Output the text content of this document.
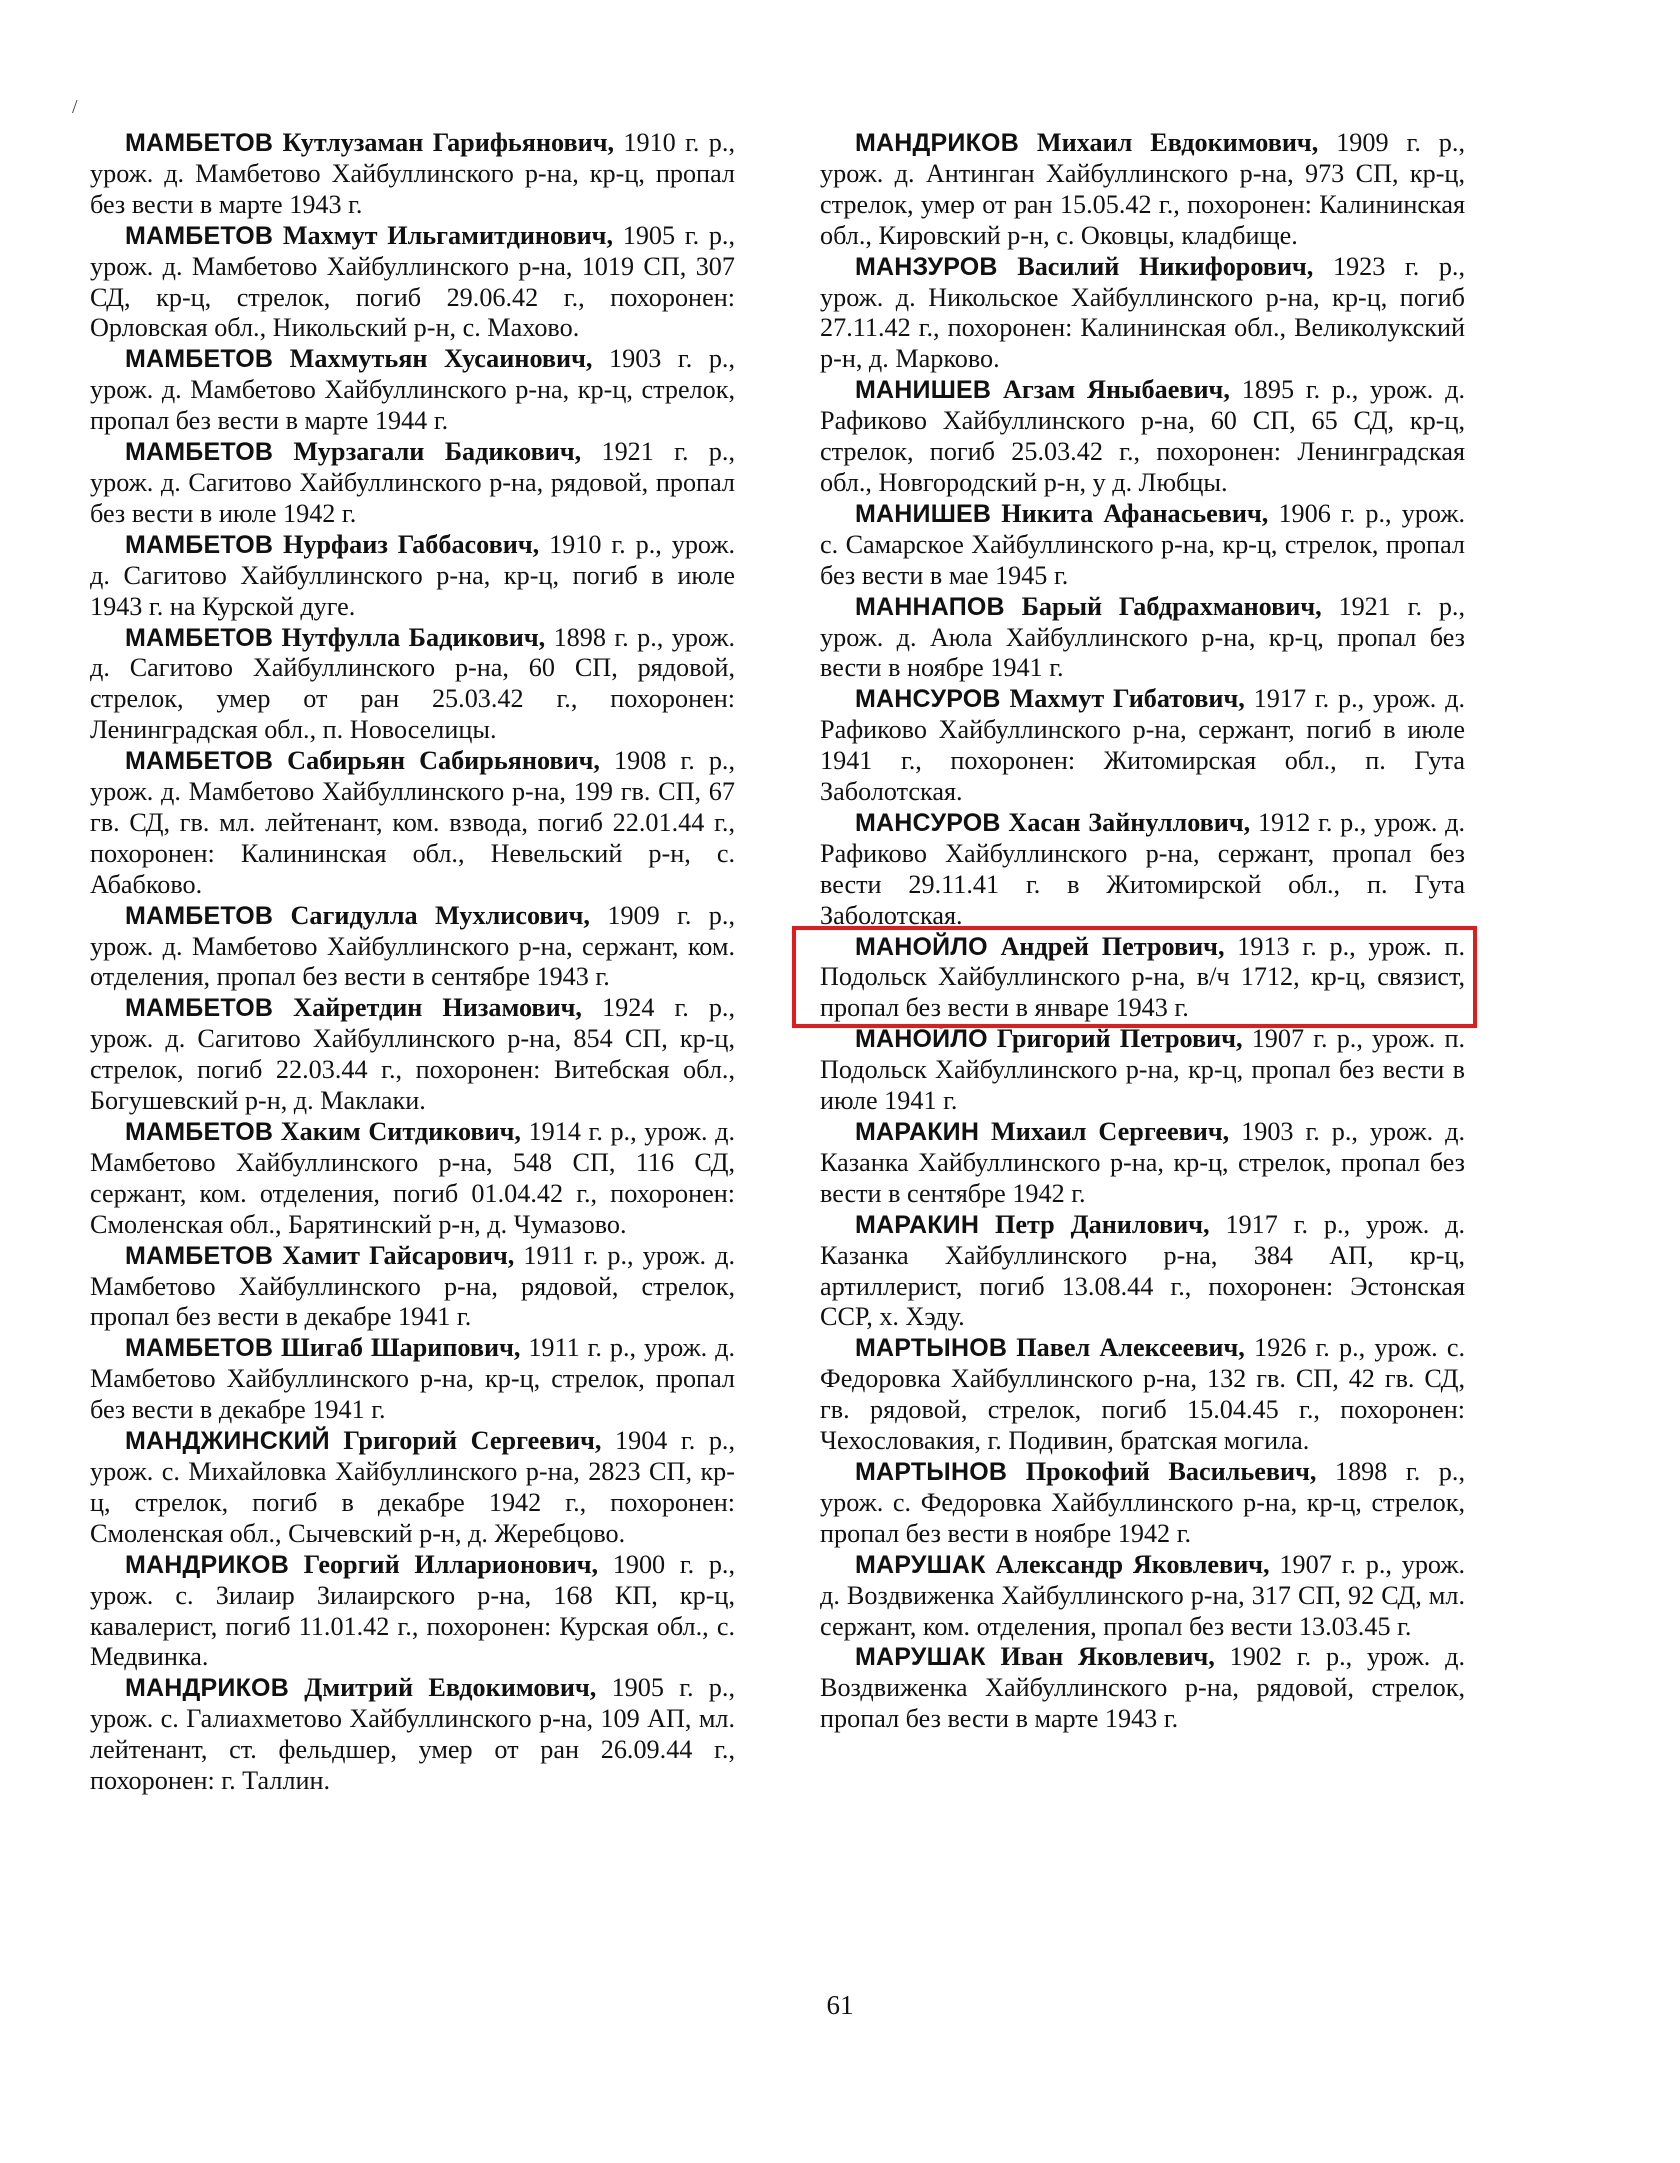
/

МАМБЕТОВ Кутлузаман Гарифьянович, 1910 г. р., урож. д. Мамбетово Хайбуллинского р-на, кр-ц, пропал без вести в марте 1943 г.

МАМБЕТОВ Махмут Ильгамитдинович, 1905 г. р., урож. д. Мамбетово Хайбуллинского р-на, 1019 СП, 307 СД, кр-ц, стрелок, погиб 29.06.42 г., похоронен: Орловская обл., Никольский р-н, с. Махово.

МАМБЕТОВ Махмутьян Хусаинович, 1903 г. р., урож. д. Мамбетово Хайбуллинского р-на, кр-ц, стрелок, пропал без вести в марте 1944 г.

МАМБЕТОВ Мурзагали Бадикович, 1921 г. р., урож. д. Сагитово Хайбуллинского р-на, рядовой, пропал без вести в июле 1942 г.

МАМБЕТОВ Нурфаиз Габбасович, 1910 г. р., урож. д. Сагитово Хайбуллинского р-на, кр-ц, погиб в июле 1943 г. на Курской дуге.

МАМБЕТОВ Нутфулла Бадикович, 1898 г. р., урож. д. Сагитово Хайбуллинского р-на, 60 СП, рядовой, стрелок, умер от ран 25.03.42 г., похоронен: Ленинградская обл., п. Новоселицы.

МАМБЕТОВ Сабирьян Сабирьянович, 1908 г. р., урож. д. Мамбетово Хайбуллинского р-на, 199 гв. СП, 67 гв. СД, гв. мл. лейтенант, ком. взвода, погиб 22.01.44 г., похоронен: Калининская обл., Невельский р-н, с. Абабково.

МАМБЕТОВ Сагидулла Мухлисович, 1909 г. р., урож. д. Мамбетово Хайбуллинского р-на, сержант, ком. отделения, пропал без вести в сентябре 1943 г.

МАМБЕТОВ Хайретдин Низамович, 1924 г. р., урож. д. Сагитово Хайбуллинского р-на, 854 СП, кр-ц, стрелок, погиб 22.03.44 г., похоронен: Витебская обл., Богушевский р-н, д. Маклаки.

МАМБЕТОВ Хаким Ситдикович, 1914 г. р., урож. д. Мамбетово Хайбуллинского р-на, 548 СП, 116 СД, сержант, ком. отделения, погиб 01.04.42 г., похоронен: Смоленская обл., Барятинский р-н, д. Чумазово.

МАМБЕТОВ Хамит Гайсарович, 1911 г. р., урож. д. Мамбетово Хайбуллинского р-на, рядовой, стрелок, пропал без вести в декабре 1941 г.

МАМБЕТОВ Шигаб Шарипович, 1911 г. р., урож. д. Мамбетово Хайбуллинского р-на, кр-ц, стрелок, пропал без вести в декабре 1941 г.

МАНДЖИНСКИЙ Григорий Сергеевич, 1904 г. р., урож. с. Михайловка Хайбуллинского р-на, 2823 СП, кр-ц, стрелок, погиб в декабре 1942 г., похоронен: Смоленская обл., Сычевский р-н, д. Жеребцово.

МАНДРИКОВ Георгий Илларионович, 1900 г. р., урож. с. Зилаир Зилаирского р-на, 168 КП, кр-ц, кавалерист, погиб 11.01.42 г., похоронен: Курская обл., с. Медвинка.

МАНДРИКОВ Дмитрий Евдокимович, 1905 г. р., урож. с. Галиахметово Хайбуллинского р-на, 109 АП, мл. лейтенант, ст. фельдшер, умер от ран 26.09.44 г., похоронен: г. Таллин.

МАНДРИКОВ Михаил Евдокимович, 1909 г. р., урож. д. Антинган Хайбуллинского р-на, 973 СП, кр-ц, стрелок, умер от ран 15.05.42 г., похоронен: Калининская обл., Кировский р-н, с. Оковцы, кладбище.

МАНЗУРОВ Василий Никифорович, 1923 г. р., урож. д. Никольское Хайбуллинского р-на, кр-ц, погиб 27.11.42 г., похоронен: Калининская обл., Великолукский р-н, д. Марково.

МАНИШЕВ Агзам Яныбаевич, 1895 г. р., урож. д. Рафиково Хайбуллинского р-на, 60 СП, 65 СД, кр-ц, стрелок, погиб 25.03.42 г., похоронен: Ленинградская обл., Новгородский р-н, у д. Любцы.

МАНИШЕВ Никита Афанасьевич, 1906 г. р., урож. с. Самарское Хайбуллинского р-на, кр-ц, стрелок, пропал без вести в мае 1945 г.

МАННАПОВ Барый Габдрахманович, 1921 г. р., урож. д. Аюла Хайбуллинского р-на, кр-ц, пропал без вести в ноябре 1941 г.

МАНСУРОВ Махмут Гибатович, 1917 г. р., урож. д. Рафиково Хайбуллинского р-на, сержант, погиб в июле 1941 г., похоронен: Житомирская обл., п. Гута Заболотская.

МАНСУРОВ Хасан Зайнуллович, 1912 г. р., урож. д. Рафиково Хайбуллинского р-на, сержант, пропал без вести 29.11.41 г. в Житомирской обл., п. Гута Заболотская.

МАНОЙЛО Андрей Петрович, 1913 г. р., урож. п. Подольск Хайбуллинского р-на, в/ч 1712, кр-ц, связист, пропал без вести в январе 1943 г.

МАНОЙЛО Григорий Петрович, 1907 г. р., урож. п. Подольск Хайбуллинского р-на, кр-ц, пропал без вести в июле 1941 г.

МАРАКИН Михаил Сергеевич, 1903 г. р., урож. д. Казанка Хайбуллинского р-на, кр-ц, стрелок, пропал без вести в сентябре 1942 г.

МАРАКИН Петр Данилович, 1917 г. р., урож. д. Казанка Хайбуллинского р-на, 384 АП, кр-ц, артиллерист, погиб 13.08.44 г., похоронен: Эстонская ССР, х. Хэду.

МАРТЫНОВ Павел Алексеевич, 1926 г. р., урож. с. Федоровка Хайбуллинского р-на, 132 гв. СП, 42 гв. СД, гв. рядовой, стрелок, погиб 15.04.45 г., похоронен: Чехословакия, г. Подивин, братская могила.

МАРТЫНОВ Прокофий Васильевич, 1898 г. р., урож. с. Федоровка Хайбуллинского р-на, кр-ц, стрелок, пропал без вести в ноябре 1942 г.

МАРУШАК Александр Яковлевич, 1907 г. р., урож. д. Воздвиженка Хайбуллинского р-на, 317 СП, 92 СД, мл. сержант, ком. отделения, пропал без вести 13.03.45 г.

МАРУШАК Иван Яковлевич, 1902 г. р., урож. д. Воздвиженка Хайбуллинского р-на, рядовой, стрелок, пропал без вести в марте 1943 г.

61
